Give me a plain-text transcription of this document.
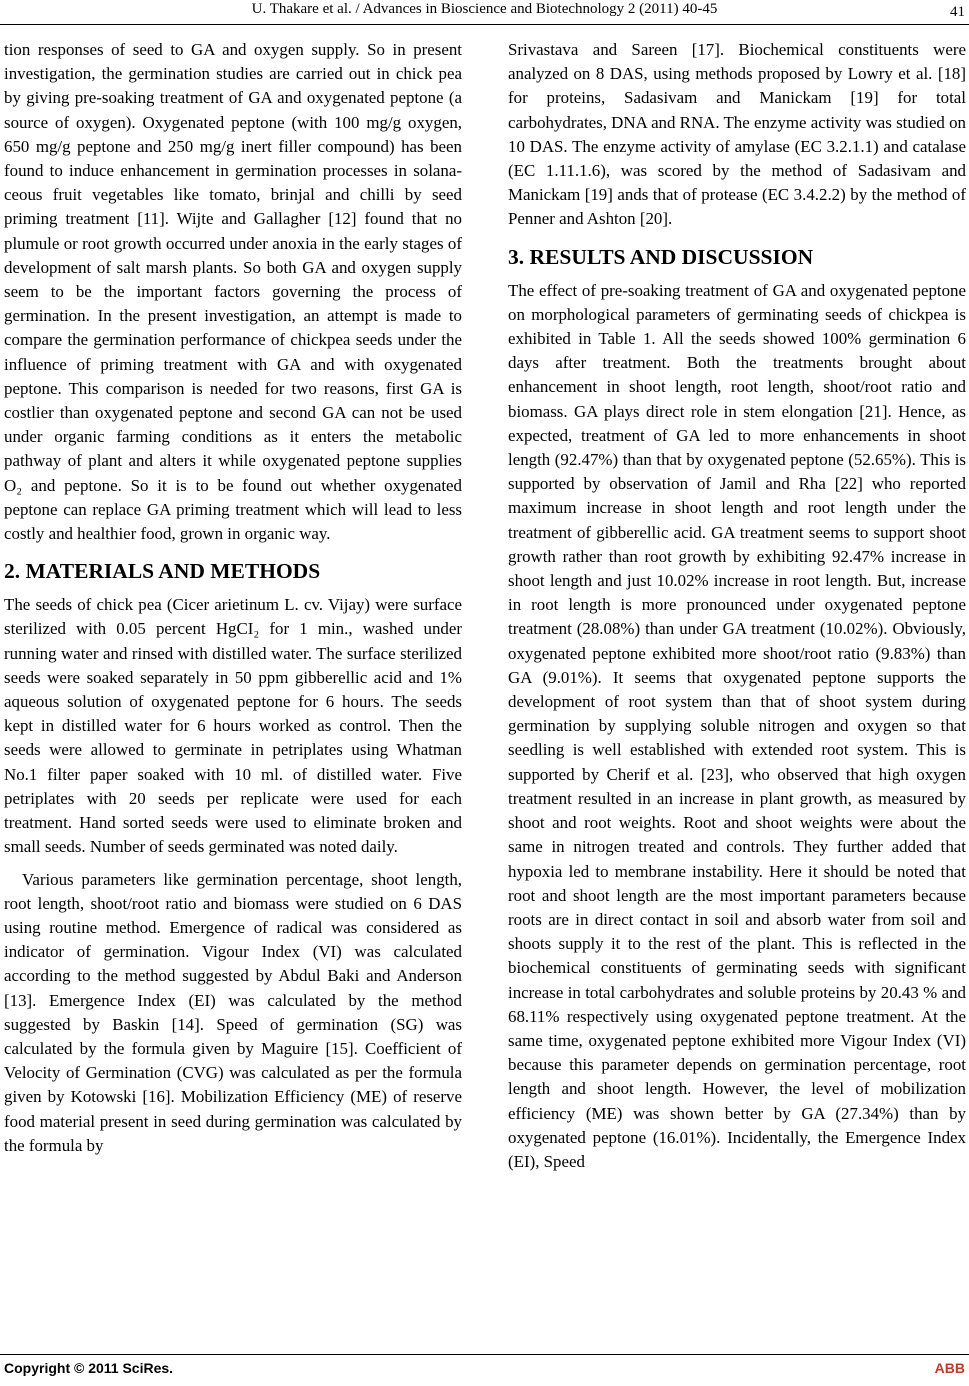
U. Thakare et al. / Advances in Bioscience and Biotechnology 2 (2011) 40-45	41

tion responses of seed to GA and oxygen supply. So in present investigation, the germination studies are carried out in chick pea by giving pre-soaking treatment of GA and oxygenated peptone (a source of oxygen). Oxygenated peptone (with 100 mg/g oxygen, 650 mg/g peptone and 250 mg/g inert filler compound) has been found to induce enhancement in germination processes in solanaceous fruit vegetables like tomato, brinjal and chilli by seed priming treatment [11]. Wijte and Gallagher [12] found that no plumule or root growth occurred under anoxia in the early stages of development of salt marsh plants. So both GA and oxygen supply seem to be the important factors governing the process of germination. In the present investigation, an attempt is made to compare the germination performance of chickpea seeds under the influence of priming treatment with GA and with oxygenated peptone. This comparison is needed for two reasons, first GA is costlier than oxygenated peptone and second GA can not be used under organic farming conditions as it enters the metabolic pathway of plant and alters it while oxygenated peptone supplies O₂ and peptone. So it is to be found out whether oxygenated peptone can replace GA priming treatment which will lead to less costly and healthier food, grown in organic way.

2. MATERIALS AND METHODS

The seeds of chick pea (Cicer arietinum L. cv. Vijay) were surface sterilized with 0.05 percent HgCI₂ for 1 min., washed under running water and rinsed with distilled water. The surface sterilized seeds were soaked separately in 50 ppm gibberellic acid and 1% aqueous solution of oxygenated peptone for 6 hours. The seeds kept in distilled water for 6 hours worked as control. Then the seeds were allowed to germinate in petriplates using Whatman No.1 filter paper soaked with 10 ml. of distilled water. Five petriplates with 20 seeds per replicate were used for each treatment. Hand sorted seeds were used to eliminate broken and small seeds. Number of seeds germinated was noted daily.

Various parameters like germination percentage, shoot length, root length, shoot/root ratio and biomass were studied on 6 DAS using routine method. Emergence of radical was considered as indicator of germination. Vigour Index (VI) was calculated according to the method suggested by Abdul Baki and Anderson [13]. Emergence Index (EI) was calculated by the method suggested by Baskin [14]. Speed of germination (SG) was calculated by the formula given by Maguire [15]. Coefficient of Velocity of Germination (CVG) was calculated as per the formula given by Kotowski [16]. Mobilization Efficiency (ME) of reserve food material present in seed during germination was calculated by the formula by

Srivastava and Sareen [17]. Biochemical constituents were analyzed on 8 DAS, using methods proposed by Lowry et al. [18] for proteins, Sadasivam and Manickam [19] for total carbohydrates, DNA and RNA. The enzyme activity was studied on 10 DAS. The enzyme activity of amylase (EC 3.2.1.1) and catalase (EC 1.11.1.6), was scored by the method of Sadasivam and Manickam [19] ands that of protease (EC 3.4.2.2) by the method of Penner and Ashton [20].

3. RESULTS AND DISCUSSION

The effect of pre-soaking treatment of GA and oxygenated peptone on morphological parameters of germinating seeds of chickpea is exhibited in Table 1. All the seeds showed 100% germination 6 days after treatment. Both the treatments brought about enhancement in shoot length, root length, shoot/root ratio and biomass. GA plays direct role in stem elongation [21]. Hence, as expected, treatment of GA led to more enhancements in shoot length (92.47%) than that by oxygenated peptone (52.65%). This is supported by observation of Jamil and Rha [22] who reported maximum increase in shoot length and root length under the treatment of gibberellic acid. GA treatment seems to support shoot growth rather than root growth by exhibiting 92.47% increase in shoot length and just 10.02% increase in root length. But, increase in root length is more pronounced under oxygenated peptone treatment (28.08%) than under GA treatment (10.02%). Obviously, oxygenated peptone exhibited more shoot/root ratio (9.83%) than GA (9.01%). It seems that oxygenated peptone supports the development of root system than that of shoot system during germination by supplying soluble nitrogen and oxygen so that seedling is well established with extended root system. This is supported by Cherif et al. [23], who observed that high oxygen treatment resulted in an increase in plant growth, as measured by shoot and root weights. Root and shoot weights were about the same in nitrogen treated and controls. They further added that hypoxia led to membrane instability. Here it should be noted that root and shoot length are the most important parameters because roots are in direct contact in soil and absorb water from soil and shoots supply it to the rest of the plant. This is reflected in the biochemical constituents of germinating seeds with significant increase in total carbohydrates and soluble proteins by 20.43 % and 68.11% respectively using oxygenated peptone treatment. At the same time, oxygenated peptone exhibited more Vigour Index (VI) because this parameter depends on germination percentage, root length and shoot length. However, the level of mobilization efficiency (ME) was shown better by GA (27.34%) than by oxygenated peptone (16.01%). Incidentally, the Emergence Index (EI), Speed

Copyright © 2011 SciRes.	ABB
